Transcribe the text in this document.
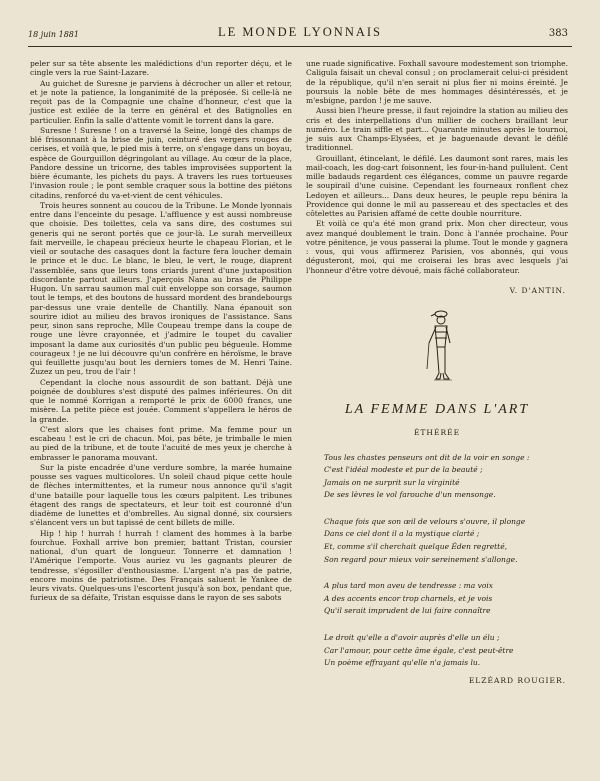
18 juin 1881	LE MONDE LYONNAIS	383

peler sur sa tête absente les malédictions d'un reporter déçu, et le cingle vers la rue Saint-Lazare.

Au guichet de Suresne je parviens à décrocher un aller et retour, et je note la patience, la longanimité de la préposée. Si celle-là ne reçoit pas de la Compagnie une chaîne d'honneur, c'est que la justice est exilée de la terre en général et des Batignolles en particulier. Enfin la salle d'attente vomit le torrent dans la gare.

Suresne ! Suresne ! on a traversé la Seine, longé des champs de blé frissonnant à la brise de juin, ceinturé des vergers rouges de cerises, et voilà que, le pied mis à terre, on s'engage dans un boyau, espèce de Gourguillon dégringolant au village. Au cœur de la place, Pandore dessine un tricorne, des tables improvisées supportent la bière écumante, les pichets du pays. A travers les rues tortueuses l'invasion roule ; le pont semble craquer sous la bottine des piétons citadins, renforcé du va-et-vient de cent véhicules.

Trois heures sonnent au coucou de la Tribune. Le Monde lyonnais entre dans l'enceinte du pesage. L'affluence y est aussi nombreuse que choisie. Des toilettes, cela va sans dire, des costumes sui generis qui ne seront portés que ce jour-là. Le surah merveilleux fait merveille, le chapeau précieux heurte le chapeau Florian, et le vieil or soutache des casaques dont la facture fera loucher demain le prince et le duc. Le blanc, le bleu, le vert, le rouge, diaprent l'assemblée, sans que leurs tons criards jurent d'une juxtaposition discordante partout ailleurs. J'aperçois Nana au bras de Philippe Hugon. Un sarrau saumon mal cuit enveloppe son corsage, saumon tout le temps, et des boutons de hussard mordent des brandebourgs par-dessus une vraie dentelle de Chantilly. Nana épanouit son sourire idiot au milieu des bravos ironiques de l'assistance. Sans peur, sinon sans reproche, Mlle Coupeau trempe dans la coupe de rouge une lèvre crayonnée, et j'admire le toupet du cavalier imposant la dame aux curiosités d'un public peu bégueule. Homme courageux ! je ne lui découvre qu'un confrère en héroïsme, le brave qui feuillette jusqu'au bout les derniers tomes de M. Henri Taine. Zuzez un peu, trou de l'air !

Cependant la cloche nous assourdit de son battant. Déjà une poignée de doublures s'est disputé des palmes inférieures. On dit que le nommé Korrigan a remporté le prix de 6000 francs, une misère. La petite pièce est jouée. Comment s'appellera le héros de la grande.

C'est alors que les chaises font prime. Ma femme pour un escabeau ! est le cri de chacun. Moi, pas bête, je trimballe le mien au pied de la tribune, et de toute l'acuité de mes yeux je cherche à embrasser le panorama mouvant.

Sur la piste encadrée d'une verdure sombre, la marée humaine pousse ses vagues multicolores. Un soleil chaud pique cette houle de flèches intermittentes, et la rumeur nous annonce qu'il s'agit d'une bataille pour laquelle tous les cœurs palpitent. Les tribunes étagent des rangs de spectateurs, et leur toit est couronné d'un diadème de lunettes et d'ombrelles. Au signal donné, six coursiers s'élancent vers un but tapissé de cent billets de mille.

Hip ! hip ! hurrah ! hurrah ! clament des hommes à la barbe fourchue. Foxhall arrive bon premier, battant Tristan, coursier national, d'un quart de longueur. Tonnerre et damnation ! l'Amérique l'emporte. Vous auriez vu les gagnants pleurer de tendresse, s'égosiller d'enthousiasme. L'argent n'a pas de patrie, encore moins de patriotisme. Des Français saluent le Yankee de leurs vivats. Quelques-uns l'escortent jusqu'à son box, pendant que, furieux de sa défaite, Tristan esquisse dans le rayon de ses sabots

une ruade significative. Foxhall savoure modestement son triomphe. Caligula faisait un cheval consul ; on proclamerait celui-ci président de la république, qu'il n'en serait ni plus fier ni moins éreinté. Je poursuis la noble bête de mes hommages désintéressés, et je m'esbigne, pardon ! je me sauve.

Aussi bien l'heure presse, il faut rejoindre la station au milieu des cris et des interpellations d'un millier de cochers braillant leur numéro. Le train siffle et part... Quarante minutes après le tournoi, je suis aux Champs-Elysées, et je baguenaude devant le défilé traditionnel.

Grouillant, étincelant, le défilé. Les daumont sont rares, mais les mail-coach, les dog-cart foisonnent, les four-in-hand pullulent. Cent mille badauds regardent ces élégances, comme un pauvre regarde le soupirail d'une cuisine. Cependant les fourneaux ronflent chez Ledoyen et ailleurs... Dans deux heures, le peuple repu bénira la Providence qui donne le mil au passereau et des spectacles et des côtelettes au Parisien affamé de cette double nourriture.

Et voilà ce qu'a été mon grand prix. Mon cher directeur, vous avez manqué doublement le train. Donc à l'année prochaine. Pour votre pénitence, je vous passerai la plume. Tout le monde y gagnera : vous, qui vous affirmerez Parisien, vos abonnés, qui vous dégusteront, moi, qui me croiserai les bras avec lesquels j'ai l'honneur d'être votre dévoué, mais fâché collaborateur.

V. D'ANTIN.
LA FEMME DANS L'ART
ÉTHÉRÉE
Tous les chastes penseurs ont dit de la voir en songe :
C'est l'idéal modeste et pur de la beauté ;
Jamais on ne surprit sur la virginité
De ses lèvres le vol farouche d'un mensonge.
Chaque fois que son œil de velours s'ouvre, il plonge
Dans ce ciel dont il a la mystique clarté ;
Et, comme s'il cherchait quelque Éden regretté,
Son regard pour mieux voir sereinement s'allonge.
A plus tard mon aveu de tendresse : ma voix
A des accents encor trop charnels, et je vois
Qu'il serait imprudent de lui faire connaître
Le droit qu'elle a d'avoir auprès d'elle un élu ;
Car l'amour, pour cette âme égale, c'est peut-être
Un poème effrayant qu'elle n'a jamais lu.
ELZÉARD ROUGIER.
